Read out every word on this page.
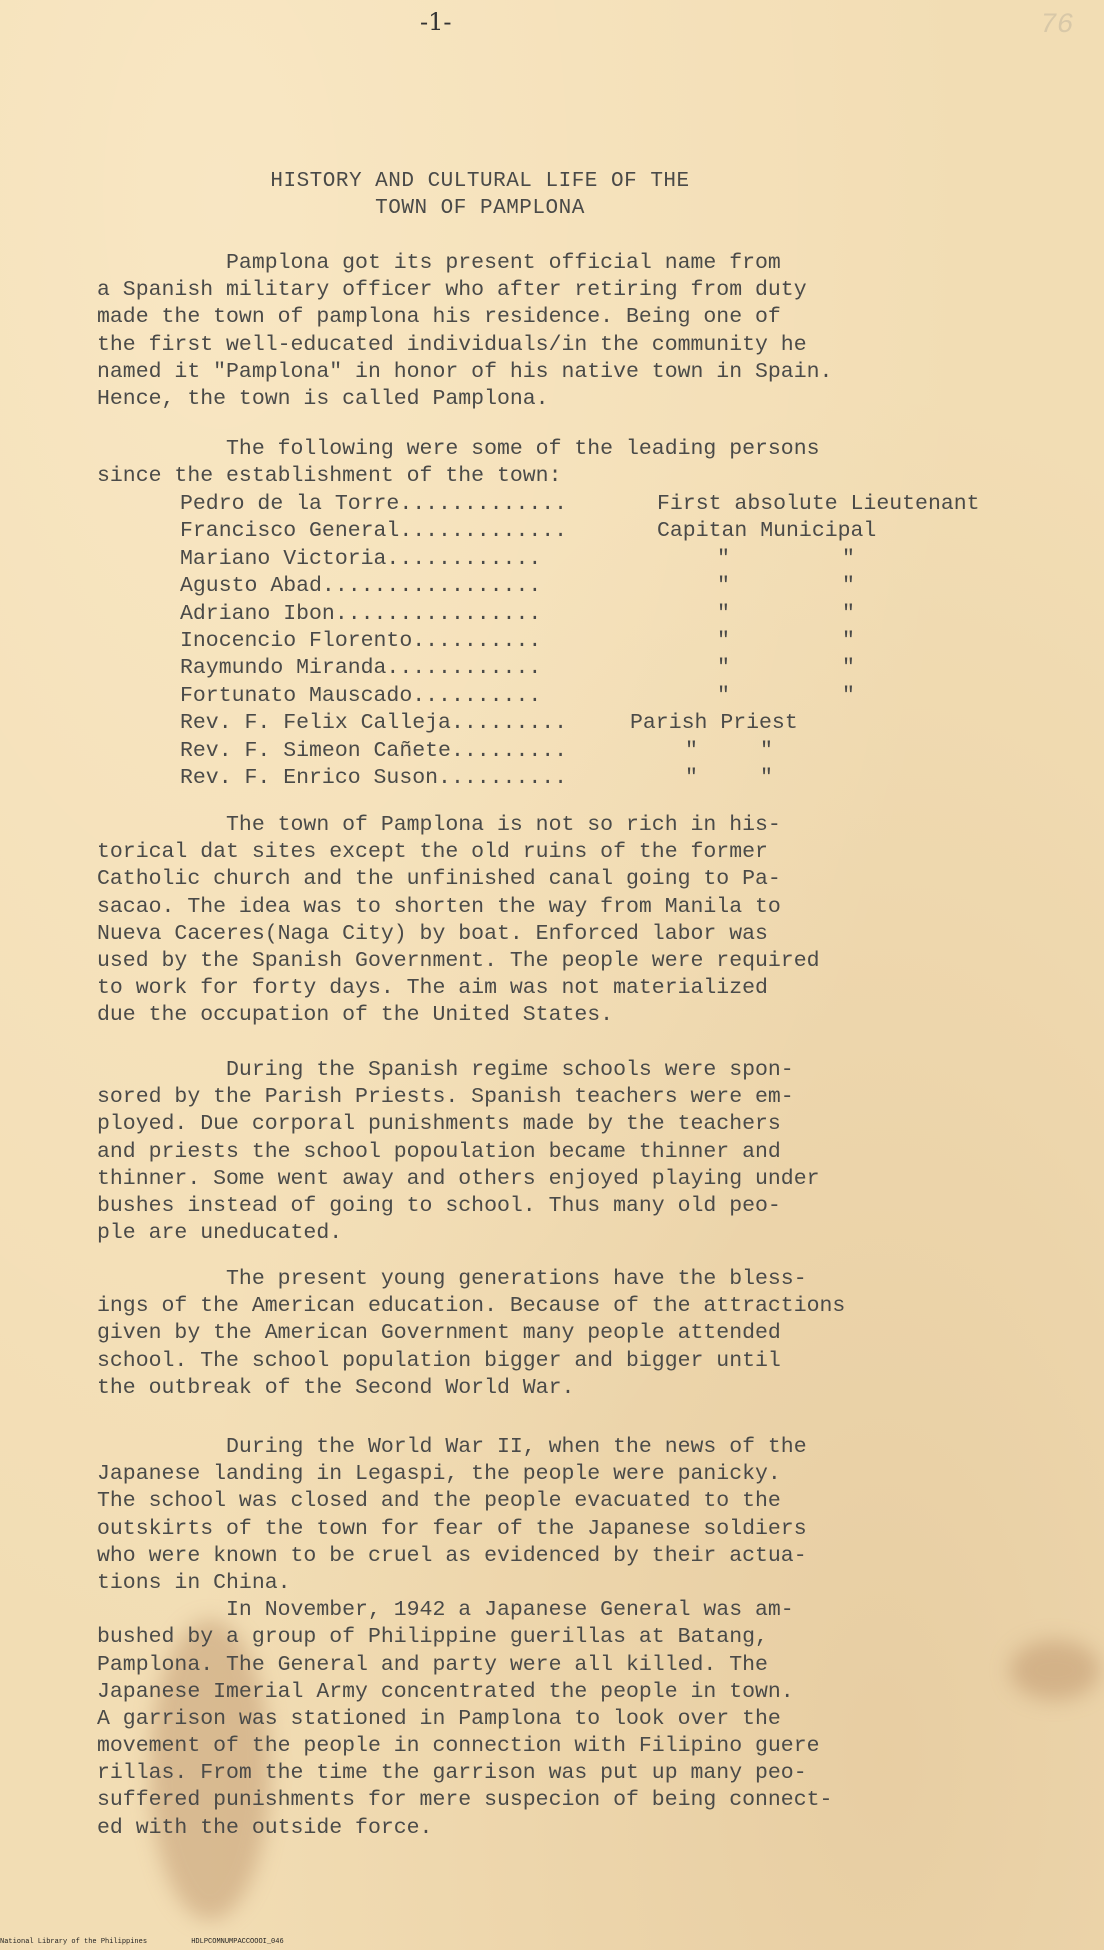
-1-	76
HISTORY AND CULTURAL LIFE OF THE
TOWN OF PAMPLONA
Pamplona got its present official name from
a Spanish military officer who after retiring from duty
made the town of pamplona his residence. Being one of
the first well-educated individuals/in the community he
named it "Pamplona" in honor of his native town in Spain.
Hence, the town is called Pamplona.
The following were some of the leading persons
since the establishment of the town:
Pedro de la Torre.............	First absolute Lieutenant
Francisco General.............	Capitan Municipal
Mariano Victoria............	"	"
Agusto Abad.................	"	"
Adriano Ibon................	"	"
Inocencio Florento..........	"	"
Raymundo Miranda............	"	"
Fortunato Mauscado..........	"	"
Rev. F. Felix Calleja.........	Parish Priest
Rev. F. Simeon Cañete.........	"	"
Rev. F. Enrico Suson..........	"	"
The town of Pamplona is not so rich in his-
torical dat sites except the old ruins of the former
Catholic church and the unfinished canal going to Pa-
sacao. The idea was to shorten the way from Manila to
Nueva Caceres(Naga City) by boat. Enforced labor was
used by the Spanish Government. The people were required
to work for forty days. The aim was not materialized
due the occupation of the United States.
During the Spanish regime schools were spon-
sored by the Parish Priests. Spanish teachers were em-
ployed. Due corporal punishments made by the teachers
and priests the school popoulation became thinner and
thinner. Some went away and others enjoyed playing under
bushes instead of going to school. Thus many old peo-
ple are uneducated.
The present young generations have the bless-
ings of the American education. Because of the attractions
given by the American Government many people attended
school. The school population bigger and bigger until
the outbreak of the Second World War.
During the World War II, when the news of the
Japanese landing in Legaspi, the people were panicky.
The school was closed and the people evacuated to the
outskirts of the town for fear of the Japanese soldiers
who were known to be cruel as evidenced by their actua-
tions in China.
In November, 1942 a Japanese General was am-
bushed by a group of Philippine guerillas at Batang,
Pamplona. The General and party were all killed. The
Japanese Imerial Army concentrated the people in town.
A garrison was stationed in Pamplona to look over the
movement of the people in connection with Filipino guere
rillas. From the time the garrison was put up many peo-
suffered punishments for mere suspecion of being connect-
ed with the outside force.
National Library of the Philippines	HDLPCOMNUMPACCOOOI_046
